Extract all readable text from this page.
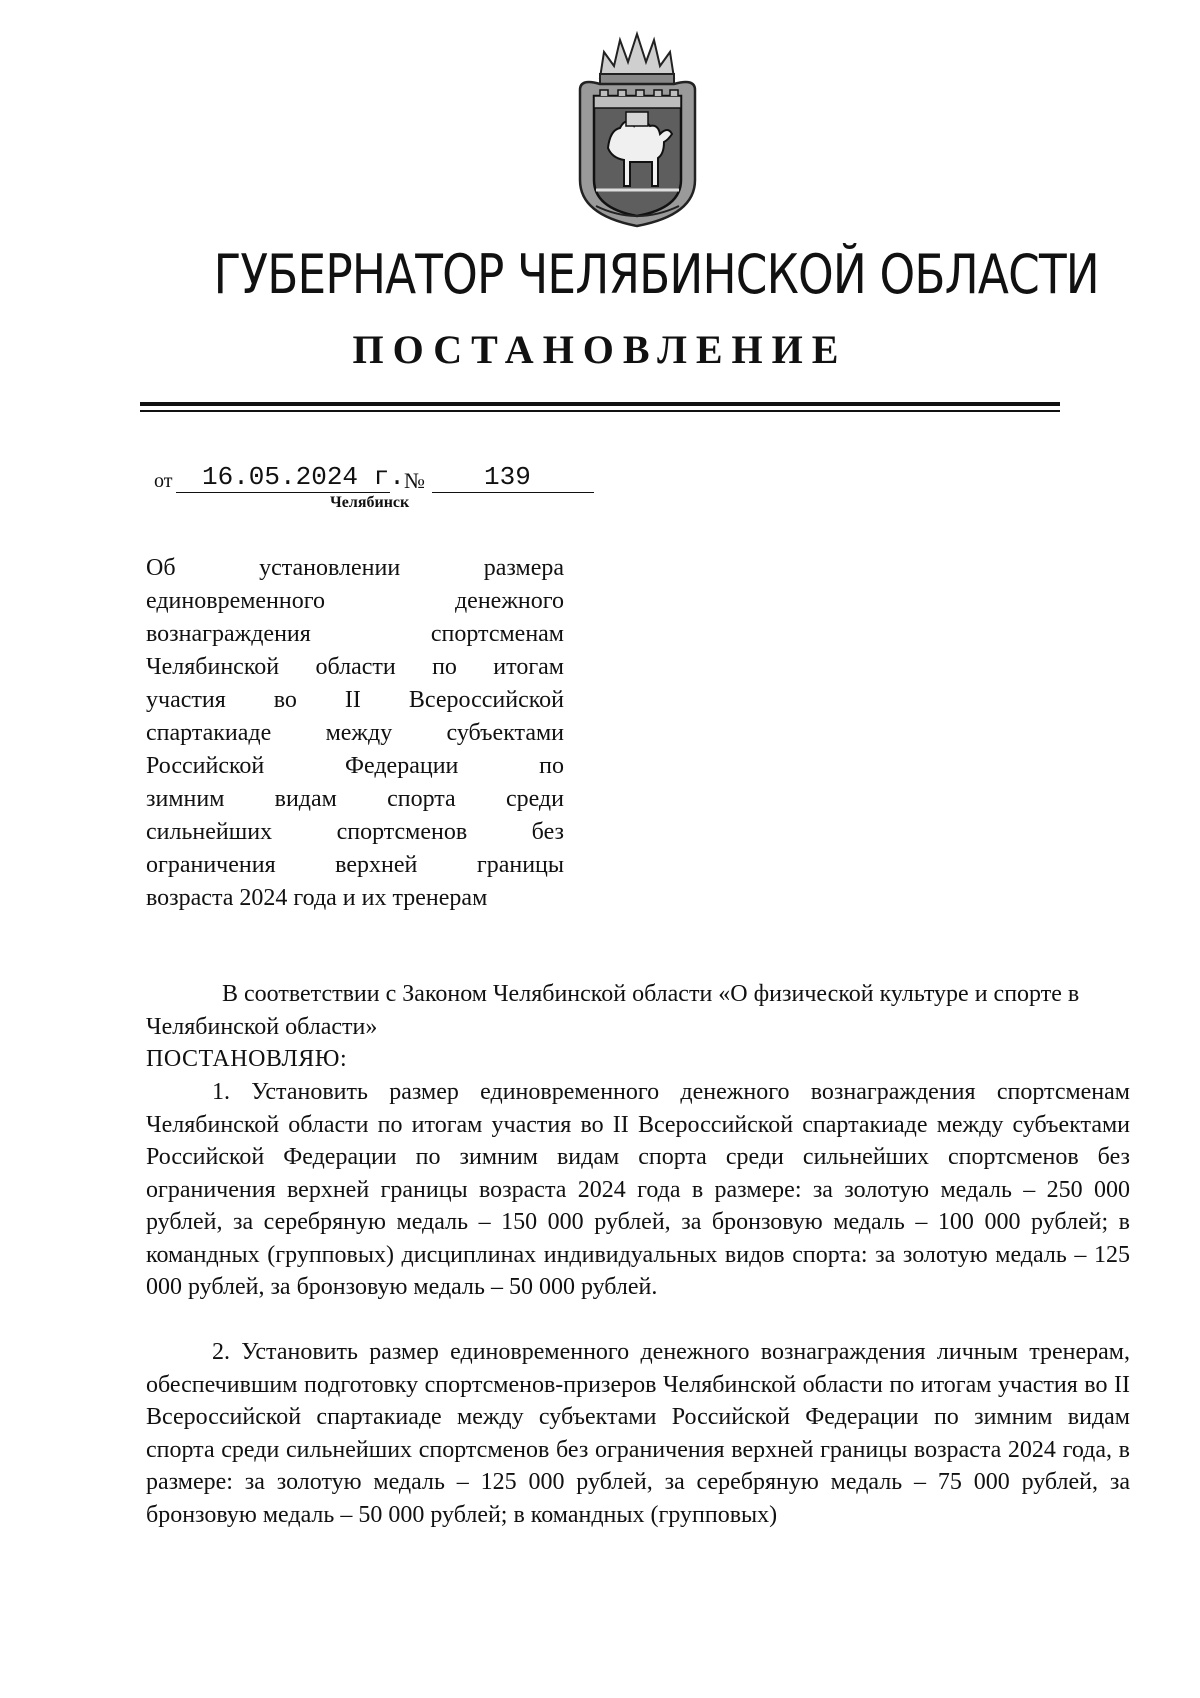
ГУБЕРНАТОР ЧЕЛЯБИНСКОЙ ОБЛАСТИ
ПОСТАНОВЛЕНИЕ
от	16.05.2024 г. №	139
Челябинск
Об установлении размера
единовременного денежного
вознаграждения спортсменам
Челябинской области по итогам
участия во II Всероссийской
спартакиаде между субъектами
Российской Федерации по
зимним видам спорта среди
сильнейших спортсменов без
ограничения верхней границы
возраста 2024 года и их тренерам
В соответствии с Законом Челябинской области «О физической культуре и спорте в Челябинской области»
ПОСТАНОВЛЯЮ:
1. Установить размер единовременного денежного вознаграждения спортсменам Челябинской области по итогам участия во II Всероссийской спартакиаде между субъектами Российской Федерации по зимним видам спорта среди сильнейших спортсменов без ограничения верхней границы возраста 2024 года в размере: за золотую медаль – 250 000 рублей, за серебряную медаль – 150 000 рублей, за бронзовую медаль – 100 000 рублей; в командных (групповых) дисциплинах индивидуальных видов спорта: за золотую медаль – 125 000 рублей, за бронзовую медаль – 50 000 рублей.
2. Установить размер единовременного денежного вознаграждения личным тренерам, обеспечившим подготовку спортсменов-призеров Челябинской области по итогам участия во II Всероссийской спартакиаде между субъектами Российской Федерации по зимним видам спорта среди сильнейших спортсменов без ограничения верхней границы возраста 2024 года, в размере: за золотую медаль – 125 000 рублей, за серебряную медаль – 75 000 рублей, за бронзовую медаль – 50 000 рублей; в командных (групповых)
